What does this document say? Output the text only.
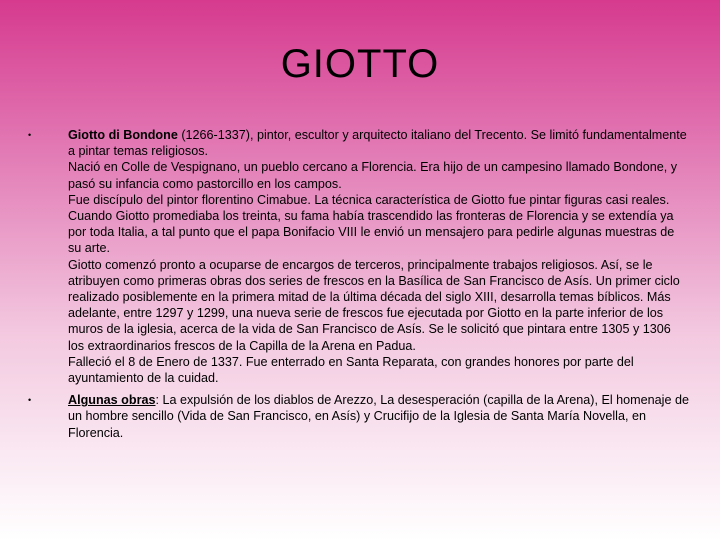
GIOTTO
•	Giotto di Bondone (1266-1337), pintor, escultor y arquitecto italiano del Trecento. Se limitó fundamentalmente a pintar temas religiosos.
Nació en Colle de Vespignano, un pueblo cercano a Florencia. Era hijo de un campesino llamado Bondone, y pasó su infancia como pastorcillo en los campos.
Fue discípulo del pintor florentino Cimabue. La técnica característica de Giotto fue pintar figuras casi reales.
Cuando Giotto promediaba los treinta, su fama había trascendido las fronteras de Florencia y se extendía ya por toda Italia, a tal punto que el papa Bonifacio VIII le envió un mensajero para pedirle algunas muestras de su arte.
Giotto comenzó pronto a ocuparse de encargos de terceros, principalmente trabajos religiosos. Así, se le atribuyen como primeras obras dos series de frescos en la Basílica de San Francisco de Asís. Un primer ciclo realizado posiblemente en la primera mitad de la última década del siglo XIII, desarrolla temas bíblicos. Más adelante, entre 1297 y 1299, una nueva serie de frescos fue ejecutada por Giotto en la parte inferior de los muros de la iglesia, acerca de la vida de San Francisco de Asís. Se le solicitó que pintara entre 1305 y 1306 los extraordinarios frescos de la Capilla de la Arena en Padua.
Falleció el 8 de Enero de 1337. Fue enterrado en Santa Reparata, con grandes honores por parte del ayuntamiento de la cuidad.
•	Algunas obras: La expulsión de los diablos de Arezzo, La desesperación (capilla de la Arena), El homenaje de un hombre sencillo (Vida de San Francisco, en Asís) y Crucifijo de la Iglesia de Santa María Novella, en Florencia.
